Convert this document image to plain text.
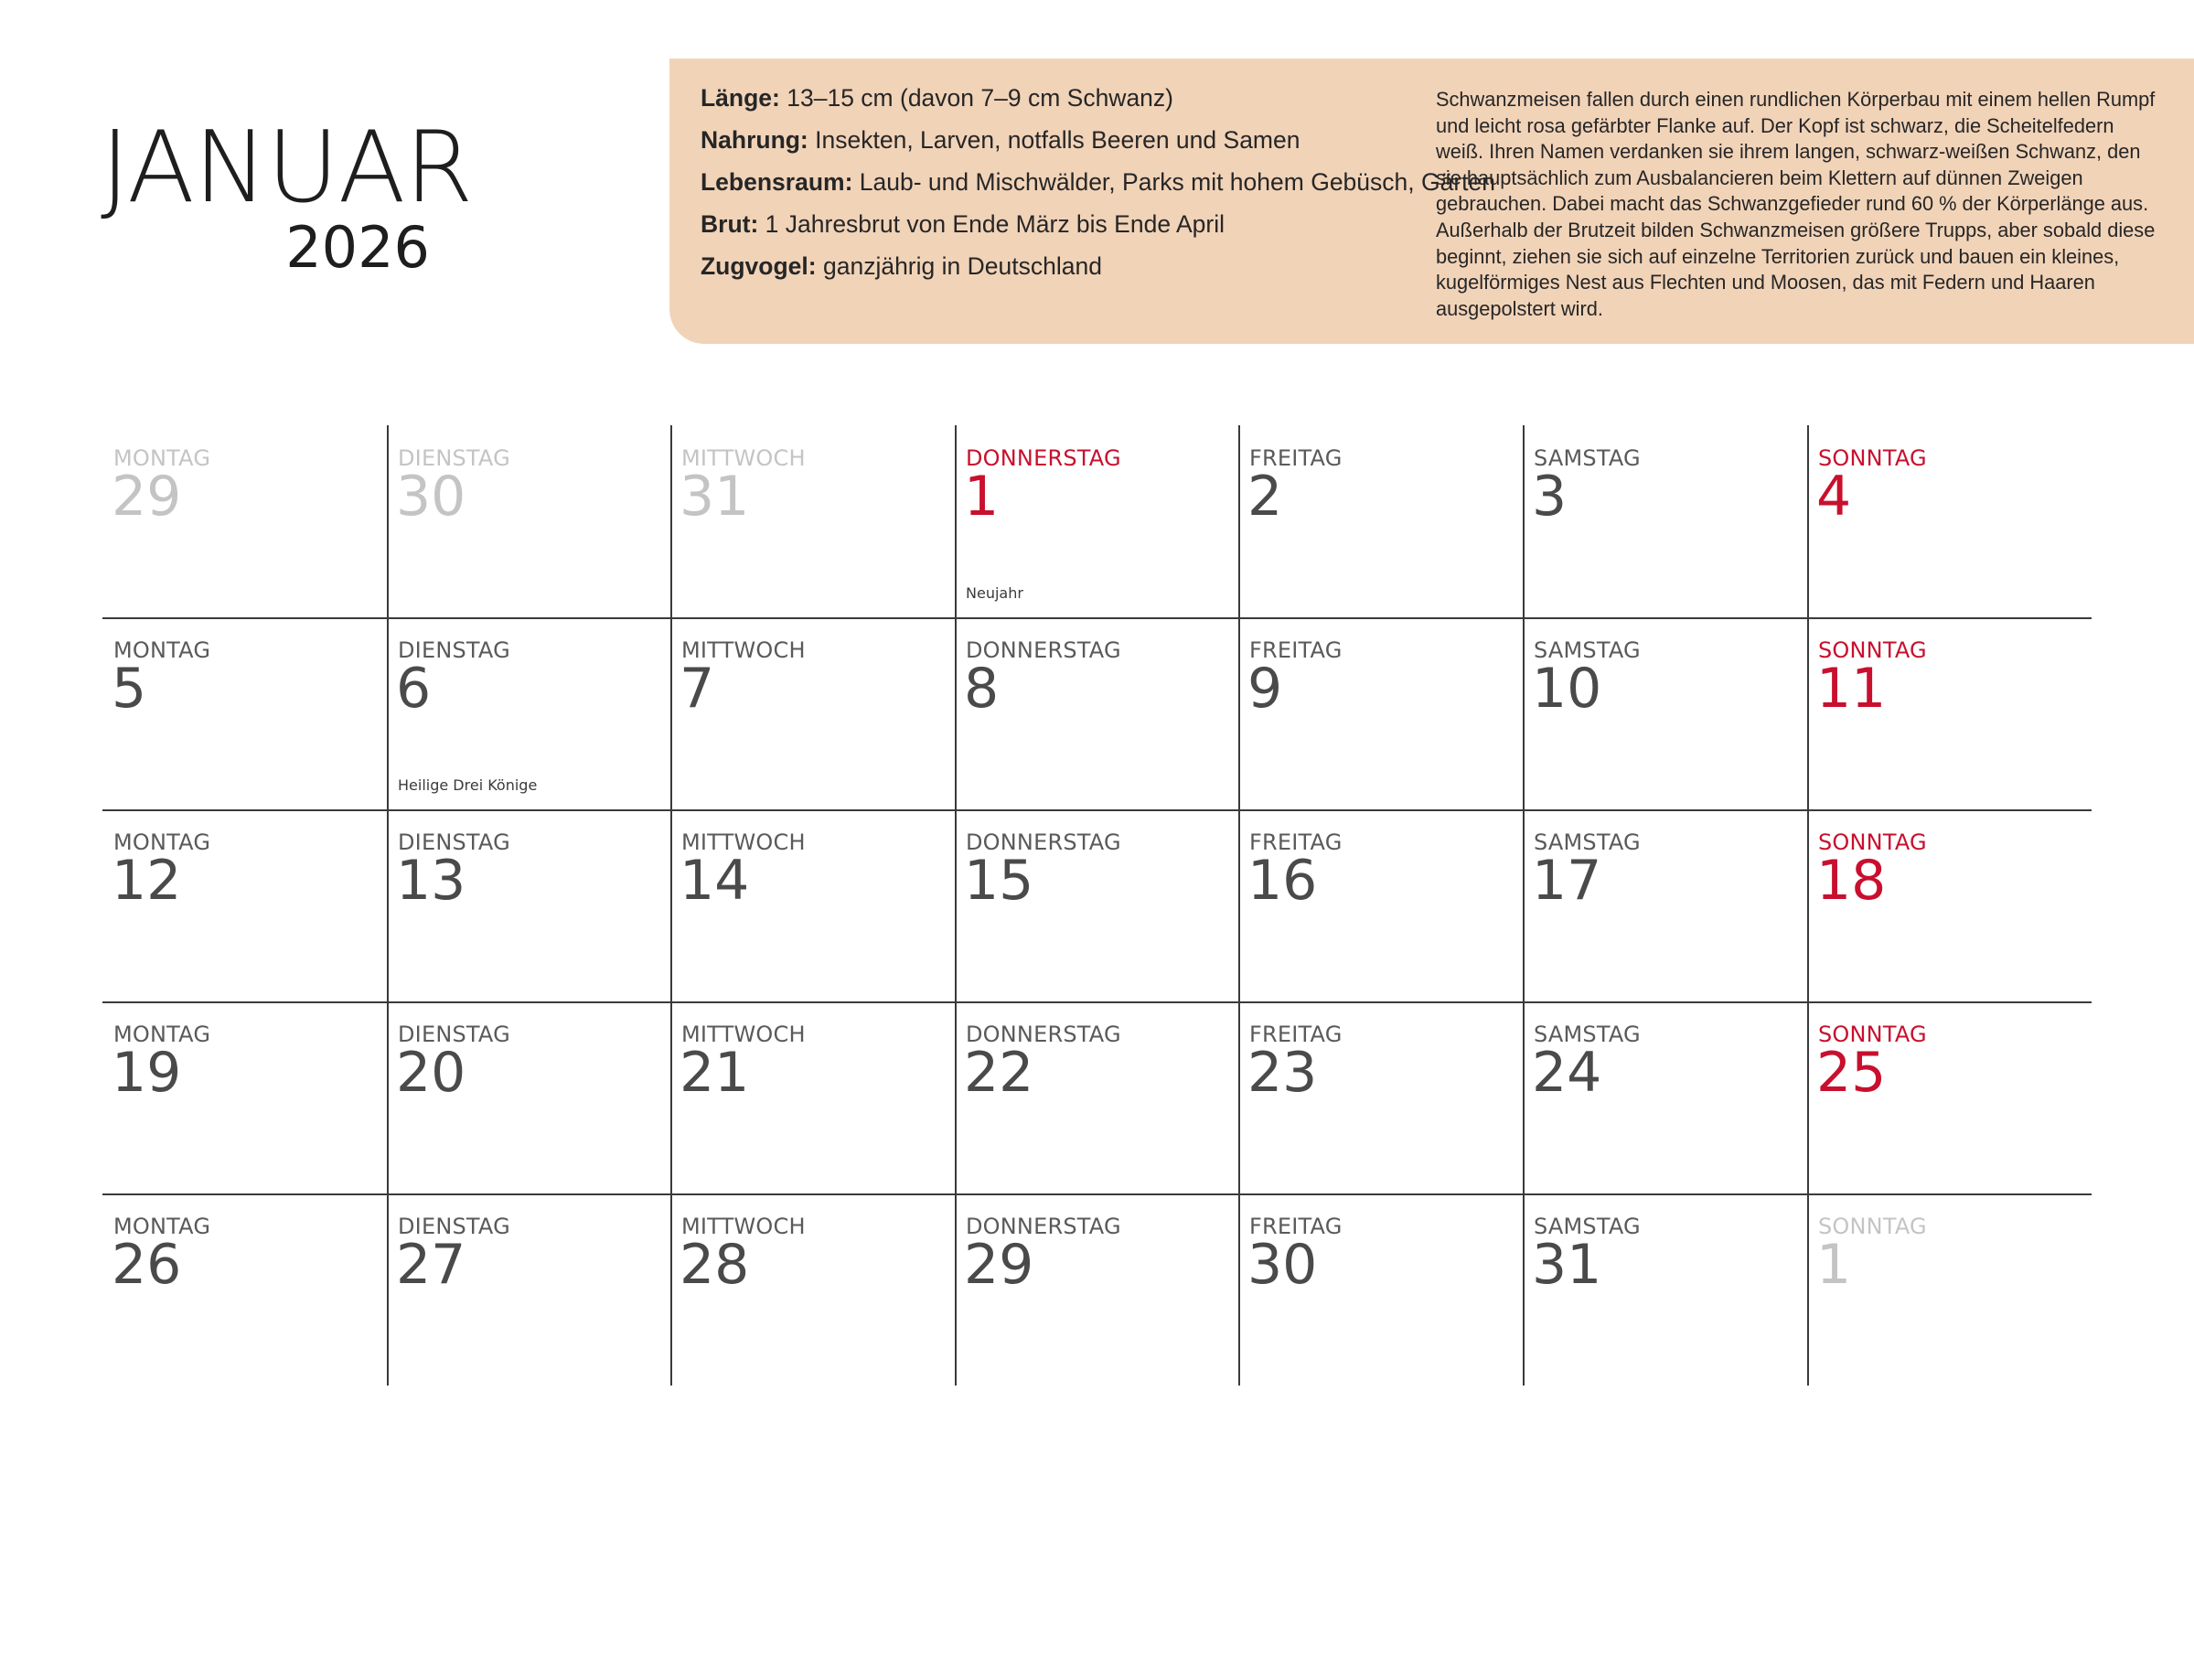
JANUAR
2026
Länge: 13–15 cm (davon 7–9 cm Schwanz)
Nahrung: Insekten, Larven, notfalls Beeren und Samen
Lebensraum: Laub- und Mischwälder, Parks mit hohem Gebüsch, Gärten
Brut: 1 Jahresbrut von Ende März bis Ende April
Zugvogel: ganzjährig in Deutschland
Schwanzmeisen fallen durch einen rundlichen Körperbau mit einem hellen Rumpf und leicht rosa gefärbter Flanke auf. Der Kopf ist schwarz, die Scheitelfedern weiß. Ihren Namen verdanken sie ihrem langen, schwarz-weißen Schwanz, den sie hauptsächlich zum Ausbalancieren beim Klettern auf dünnen Zweigen gebrauchen. Dabei macht das Schwanzgefieder rund 60 % der Körperlänge aus. Außerhalb der Brutzeit bilden Schwanzmeisen größere Trupps, aber sobald diese beginnt, ziehen sie sich auf einzelne Territorien zurück und bauen ein kleines, kugelförmiges Nest aus Flechten und Moosen, das mit Federn und Haaren ausgepolstert wird.
MONTAG
29
DIENSTAG
30
MITTWOCH
31
DONNERSTAG
1
Neujahr
FREITAG
2
SAMSTAG
3
SONNTAG
4
MONTAG
5
DIENSTAG
6
Heilige Drei Könige
MITTWOCH
7
DONNERSTAG
8
FREITAG
9
SAMSTAG
10
SONNTAG
11
MONTAG
12
DIENSTAG
13
MITTWOCH
14
DONNERSTAG
15
FREITAG
16
SAMSTAG
17
SONNTAG
18
MONTAG
19
DIENSTAG
20
MITTWOCH
21
DONNERSTAG
22
FREITAG
23
SAMSTAG
24
SONNTAG
25
MONTAG
26
DIENSTAG
27
MITTWOCH
28
DONNERSTAG
29
FREITAG
30
SAMSTAG
31
SONNTAG
1
